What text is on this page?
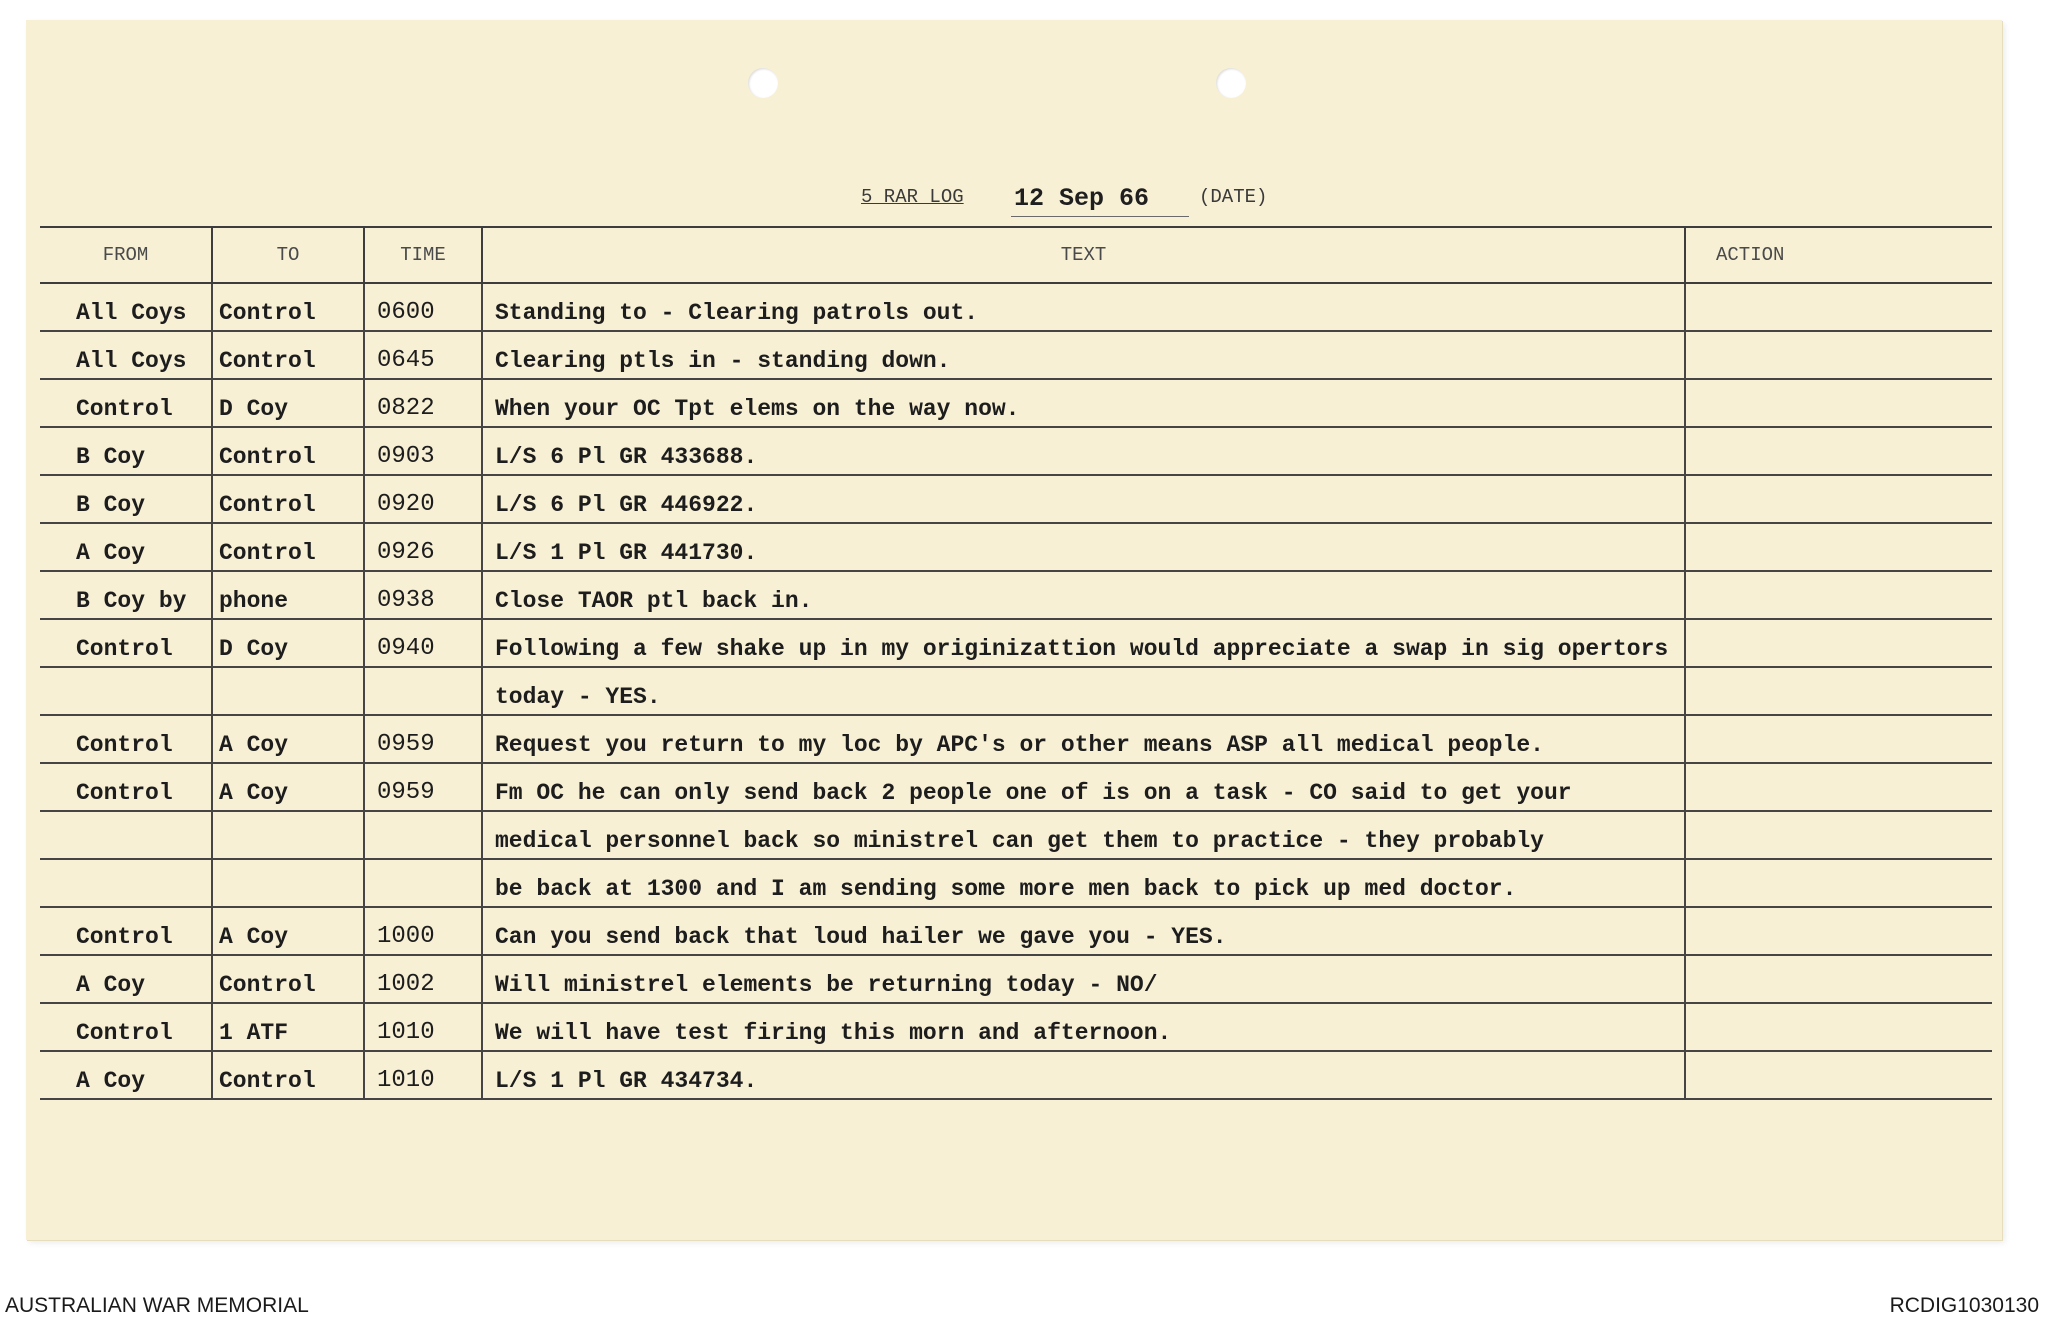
5 RAR LOG 12 Sep 66	(DATE)
FROM	TO	TIME	TEXT	ACTION
All Coys	Control	0600	Standing to - Clearing patrols out.	
All Coys	Control	0645	Clearing ptls in - standing down.	
Control	D Coy	0822	When your OC Tpt elems on the way now.	
B Coy	Control	0903	L/S 6 Pl GR 433688.	
B Coy	Control	0920	L/S 6 Pl GR 446922.	
A Coy	Control	0926	L/S 1 Pl GR 441730.	
B Coy by	phone	0938	Close TAOR ptl back in.	
Control	D Coy	0940	Following a few shake up in my originizattion would appreciate a swap in sig opertors	
			today - YES.	
Control	A Coy	0959	Request you return to my loc by APC's or other means ASP all medical people.	
Control	A Coy	0959	Fm OC he can only send back 2 people one of is on a task - CO said to get your	
			medical personnel back so ministrel can get them to practice - they probably	
			be back at 1300 and I am sending some more men back to pick up med doctor.	
Control	A Coy	1000	Can you send back that loud hailer we gave you - YES.	
A Coy	Control	1002	Will ministrel elements be returning today - NO/	
Control	1 ATF	1010	We will have test firing this morn and afternoon.	
A Coy	Control	1010	L/S 1 Pl GR 434734.	
AUSTRALIAN WAR MEMORIAL	RCDIG1030130
